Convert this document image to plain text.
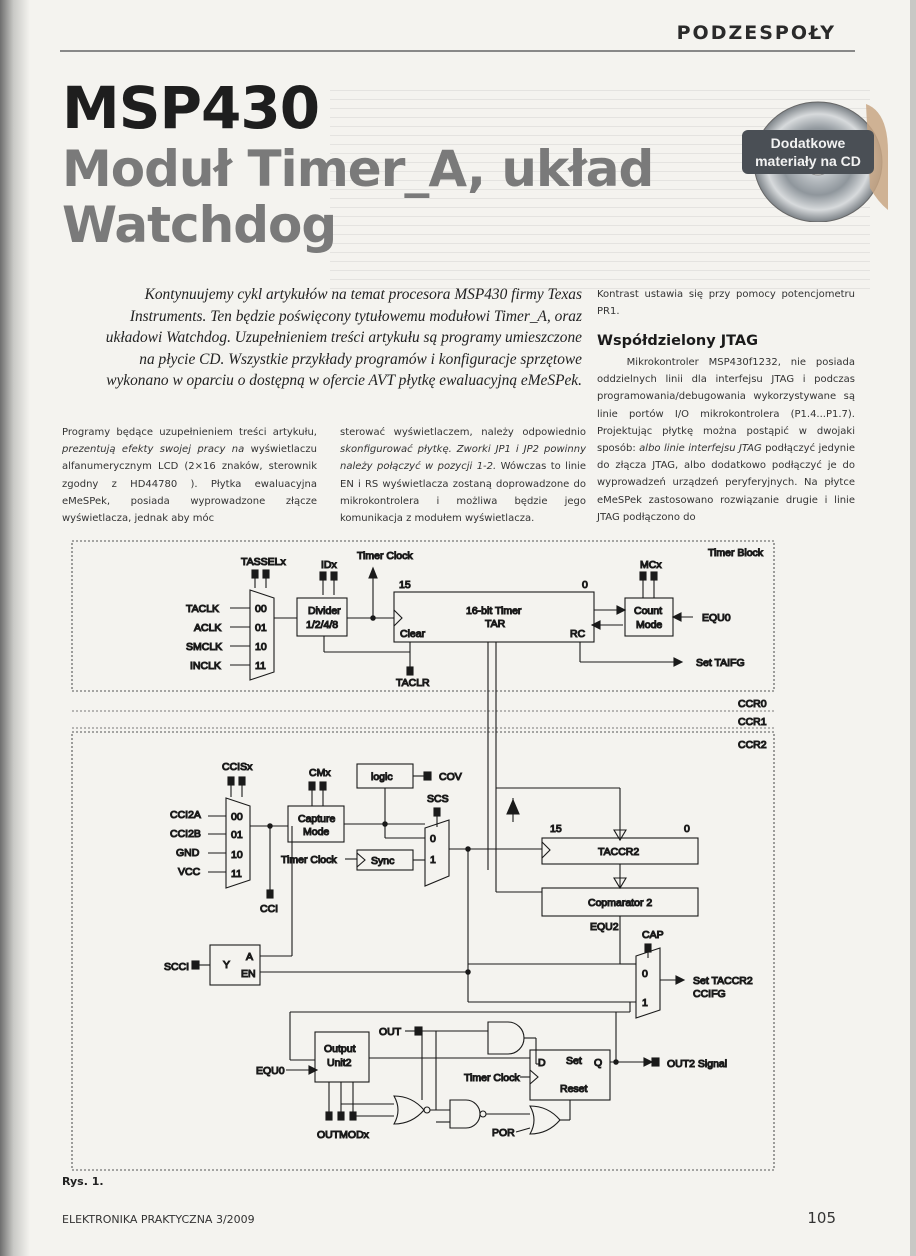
PODZESPOŁY
MSP430
Moduł Timer_A, układ
Watchdog
Dodatkowe
materiały na CD
Kontynuujemy cykl artykułów na temat procesora MSP430 firmy Texas Instruments. Ten będzie poświęcony tytułowemu modułowi Timer_A, oraz układowi Watchdog. Uzupełnieniem treści artykułu są programy umieszczone na płycie CD. Wszystkie przykłady programów i konfiguracje sprzętowe wykonano w oparciu o dostępną w ofercie AVT płytkę ewaluacyjną eMeSPek.
Programy będące uzupełnieniem treści artykułu, prezentują efekty swojej pracy na wyświetlaczu alfanumerycznym LCD (2×16 znaków, sterownik zgodny z HD44780 ). Płytka ewaluacyjna eMeSPek, posiada wyprowadzone złącze wyświetlacza, jednak aby móc
sterować wyświetlaczem, należy odpowiednio skonfigurować płytkę. Zworki JP1 i JP2 powinny należy połączyć w pozycji 1-2. Wówczas to linie EN i RS wyświetlacza zostaną doprowadzone do mikrokontrolera i możliwa będzie jego komunikacja z modułem wyświetlacza.
Kontrast ustawia się przy pomocy potencjometru PR1.
Współdzielony JTAG
Mikrokontroler MSP430f1232, nie posiada oddzielnych linii dla interfejsu JTAG i podczas programowania/debugowania wykorzystywane są linie portów I/O mikrokontrolera (P1.4...P1.7). Projektując płytkę można postąpić w dwojaki sposób: albo linie interfejsu JTAG podłączyć jedynie do złącza JTAG, albo dodatkowo podłączyć je do wyprowadzeń urządzeń peryferyjnych. Na płytce eMeSPek zastosowano rozwiązanie drugie i linie JTAG podłączono do
TASSELx	IDx
Timer Clock	Timer Block
MCx
00
01
10
11
TACLK
ACLK
SMCLK
INCLK
Divider
1/2/4/8
15	0
16-bit Timer
TAR
Clear	RC
TACLR
Count
Mode
EQU0
Set TAIFG
CCR0
CCR1
CCR2
CCISx
00
01
10
11
CCI2A
CCI2B
GND
VCC
CCI
CMx
Capture
Mode
logic	COV
Timer Clock	Sync
SCS
0
1
15	0
TACCR2
Copmarator 2
EQU2
CAP
0
1
Set TACCR2
CCIFG
Y
A
EN
SCCI
Output
Unit2
EQU0
OUT
D Set Q
Reset
Timer Clock
OUT2 Signal
POR
OUTMODx
Rys. 1.
ELEKTRONIKA PRAKTYCZNA 3/2009	105
